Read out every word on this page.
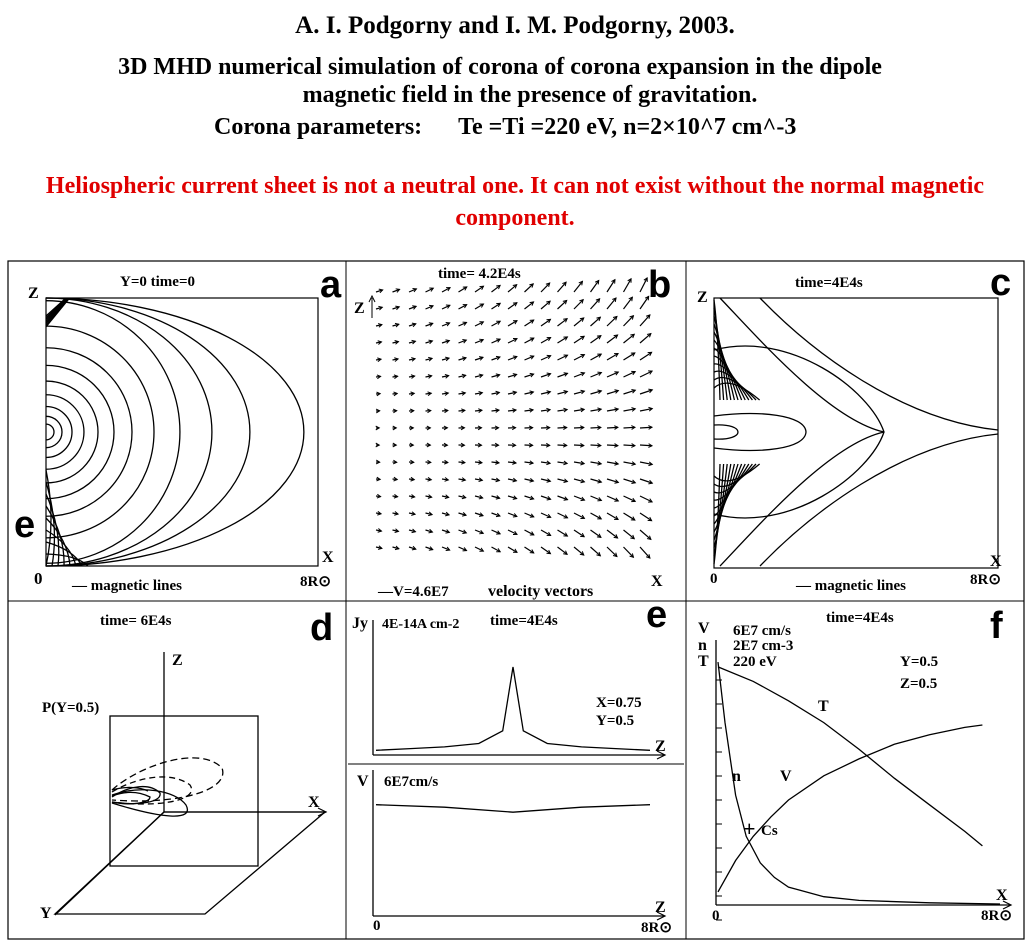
A. I. Podgorny and I. M. Podgorny, 2003.
3D MHD numerical simulation of corona of corona expansion in the dipole
magnetic field in the presence of gravitation.
Corona parameters: Te =Ti =220 eV, n=2×10^7 cm^-3
Heliospheric current sheet is not a neutral one. It can not exist without the normal magnetic component.
a
Y=0 time=0
Z
X
0	8R⊙
— magnetic lines
e
b
time= 4.2E4s
Z
X
—V=4.6E7 velocity vectors
c
time=4E4s
Z
X
0	8R⊙
— magnetic lines
d
time= 6E4s
Z
X
Y
P(Y=0.5)
e
Jy 4E-14A cm-2 time=4E4s
X=0.75
Y=0.5
Z
V 6E7cm/s
Z
0	8R⊙
f
time=4E4s
V
n
T
6E7 cm/s
2E7 cm-3
220 eV	Y=0.5
Z=0.5
T
V
n
+ Cs
X
0	8R⊙
